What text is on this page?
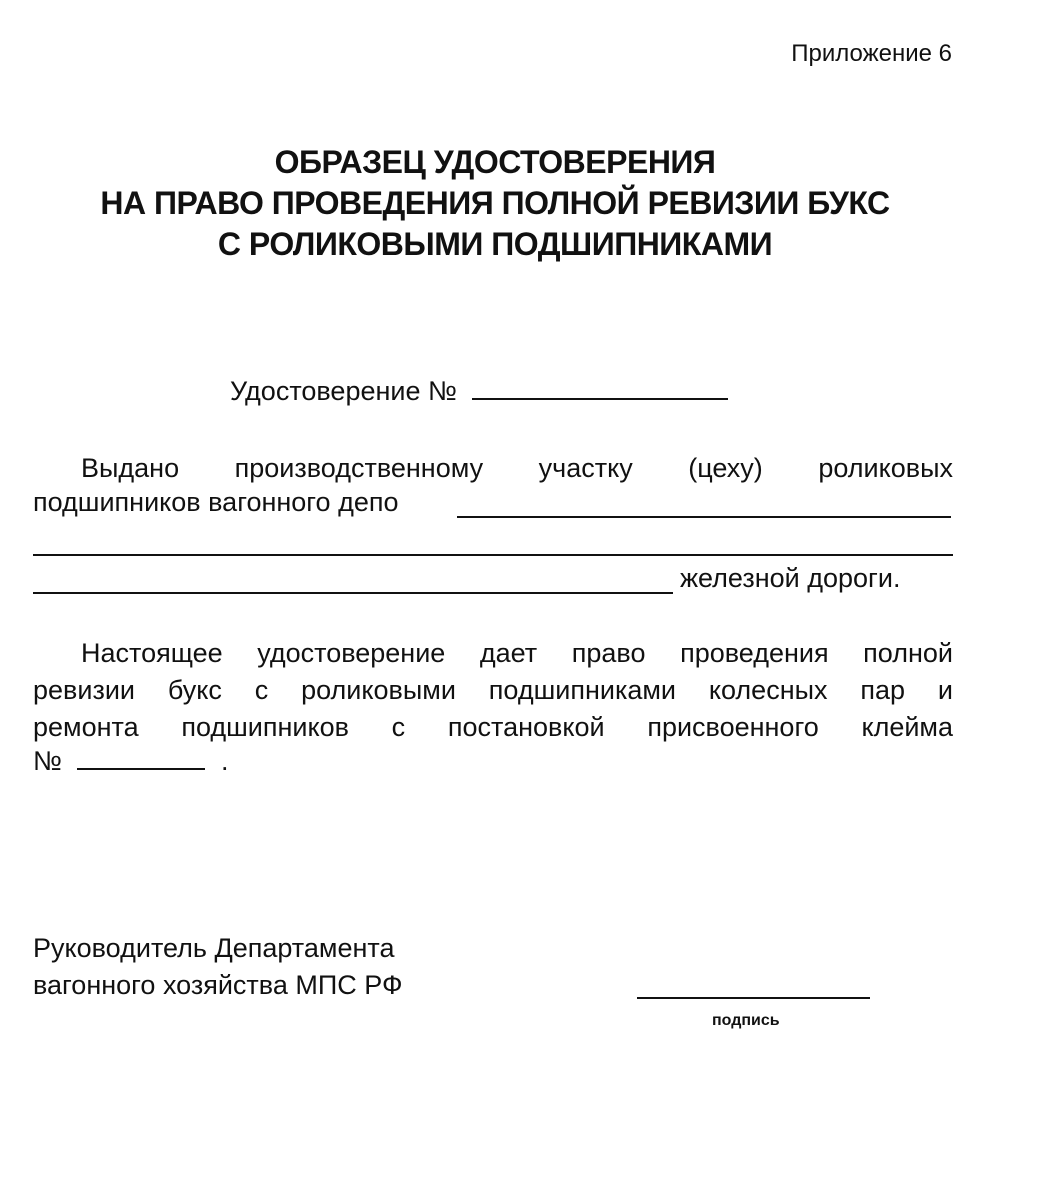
Приложение 6
ОБРАЗЕЦ УДОСТОВЕРЕНИЯ
НА ПРАВО ПРОВЕДЕНИЯ ПОЛНОЙ РЕВИЗИИ БУКС
С РОЛИКОВЫМИ ПОДШИПНИКАМИ
Удостоверение №
Выдано производственному участку (цеху) роликовых
подшипников вагонного депо
железной дороги.
Настоящее удостоверение дает право проведения полной
ревизии букс с роликовыми подшипниками колесных пар и
ремонта подшипников с постановкой присвоенного клейма
№	.
Руководитель Департамента
вагонного хозяйства МПС РФ
подпись
